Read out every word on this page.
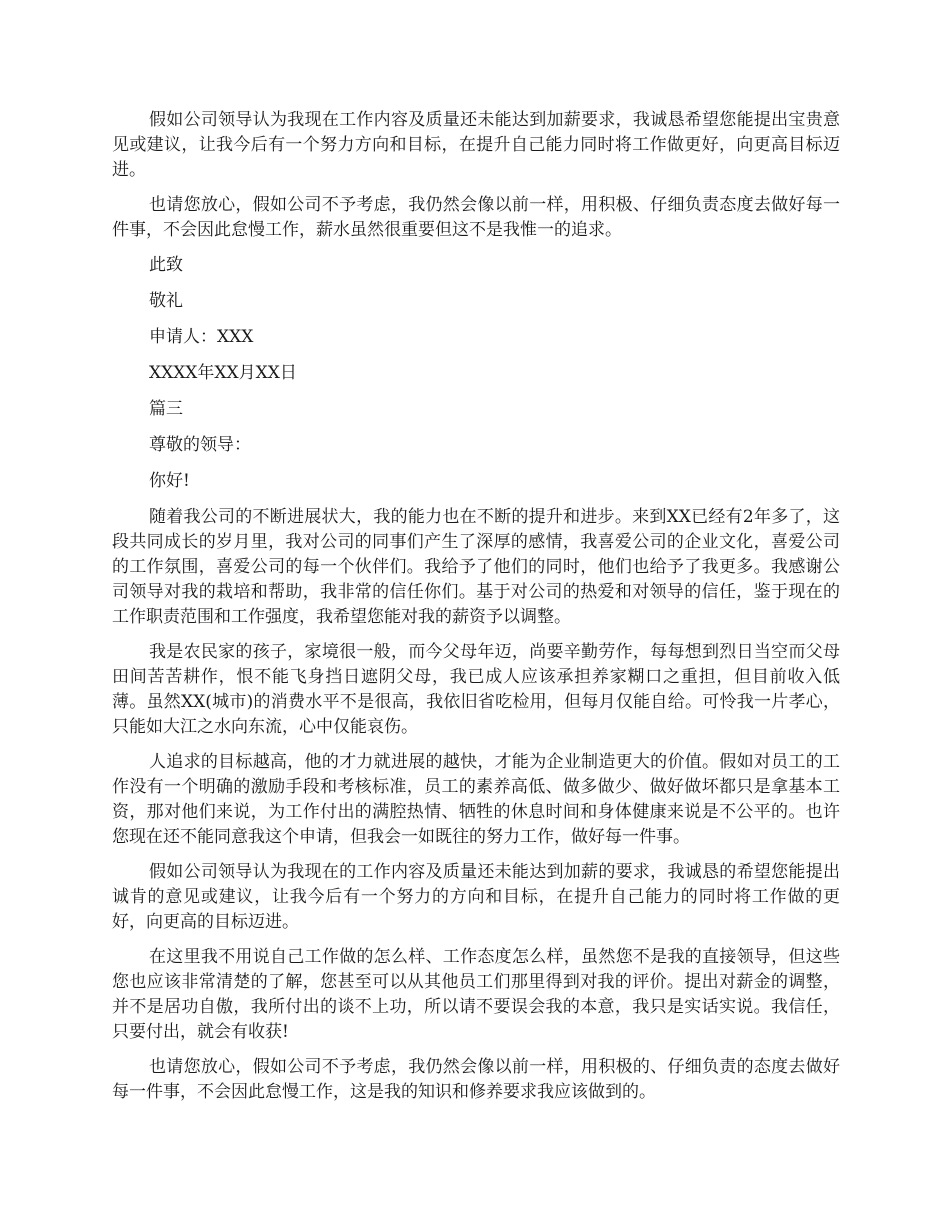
假如公司领导认为我现在工作内容及质量还未能达到加薪要求，我诚恳希望您能提出宝贵意见或建议，让我今后有一个努力方向和目标，在提升自己能力同时将工作做更好，向更高目标迈进。

也请您放心，假如公司不予考虑，我仍然会像以前一样，用积极、仔细负责态度去做好每一件事，不会因此怠慢工作，薪水虽然很重要但这不是我惟一的追求。

此致

敬礼

申请人：XXX

XXXX年XX月XX日

篇三

尊敬的领导：

你好!

随着我公司的不断进展状大，我的能力也在不断的提升和进步。来到XX已经有2年多了，这段共同成长的岁月里，我对公司的同事们产生了深厚的感情，我喜爱公司的企业文化，喜爱公司的工作氛围，喜爱公司的每一个伙伴们。我给予了他们的同时，他们也给予了我更多。我感谢公司领导对我的栽培和帮助，我非常的信任你们。基于对公司的热爱和对领导的信任，鉴于现在的工作职责范围和工作强度，我希望您能对我的薪资予以调整。

我是农民家的孩子，家境很一般，而今父母年迈，尚要辛勤劳作，每每想到烈日当空而父母田间苦苦耕作，恨不能飞身挡日遮阴父母，我已成人应该承担养家糊口之重担，但目前收入低薄。虽然XX(城市)的消费水平不是很高，我依旧省吃检用，但每月仅能自给。可怜我一片孝心，只能如大江之水向东流，心中仅能哀伤。

人追求的目标越高，他的才力就进展的越快，才能为企业制造更大的价值。假如对员工的工作没有一个明确的激励手段和考核标准，员工的素养高低、做多做少、做好做坏都只是拿基本工资，那对他们来说，为工作付出的满腔热情、牺牲的休息时间和身体健康来说是不公平的。也许您现在还不能同意我这个申请，但我会一如既往的努力工作，做好每一件事。

假如公司领导认为我现在的工作内容及质量还未能达到加薪的要求，我诚恳的希望您能提出诚肯的意见或建议，让我今后有一个努力的方向和目标，在提升自己能力的同时将工作做的更好，向更高的目标迈进。

在这里我不用说自己工作做的怎么样、工作态度怎么样，虽然您不是我的直接领导，但这些您也应该非常清楚的了解，您甚至可以从其他员工们那里得到对我的评价。提出对薪金的调整，并不是居功自傲，我所付出的谈不上功，所以请不要误会我的本意，我只是实话实说。我信任，只要付出，就会有收获!

也请您放心，假如公司不予考虑，我仍然会像以前一样，用积极的、仔细负责的态度去做好每一件事，不会因此怠慢工作，这是我的知识和修养要求我应该做到的。
